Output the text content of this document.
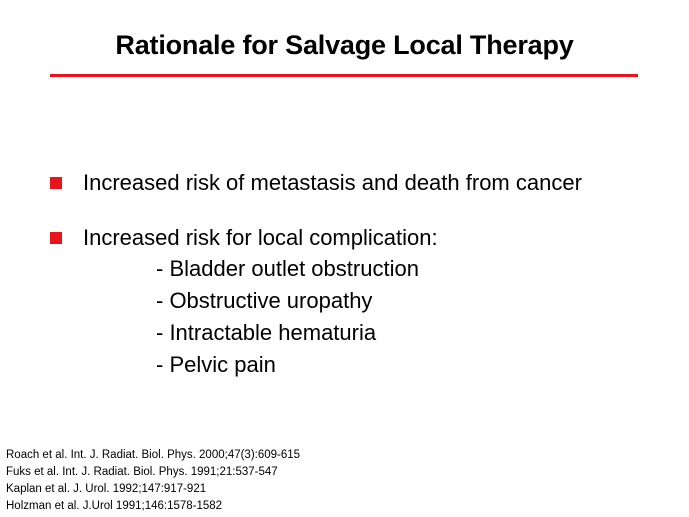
Rationale for Salvage Local Therapy
Increased risk of metastasis and death from cancer
Increased risk for local complication:
- Bladder outlet obstruction
- Obstructive uropathy
- Intractable hematuria
- Pelvic pain
Roach et al. Int. J. Radiat. Biol. Phys. 2000;47(3):609-615
Fuks et al. Int. J. Radiat. Biol. Phys. 1991;21:537-547
Kaplan et al. J. Urol. 1992;147:917-921
Holzman et al. J.Urol 1991;146:1578-1582
